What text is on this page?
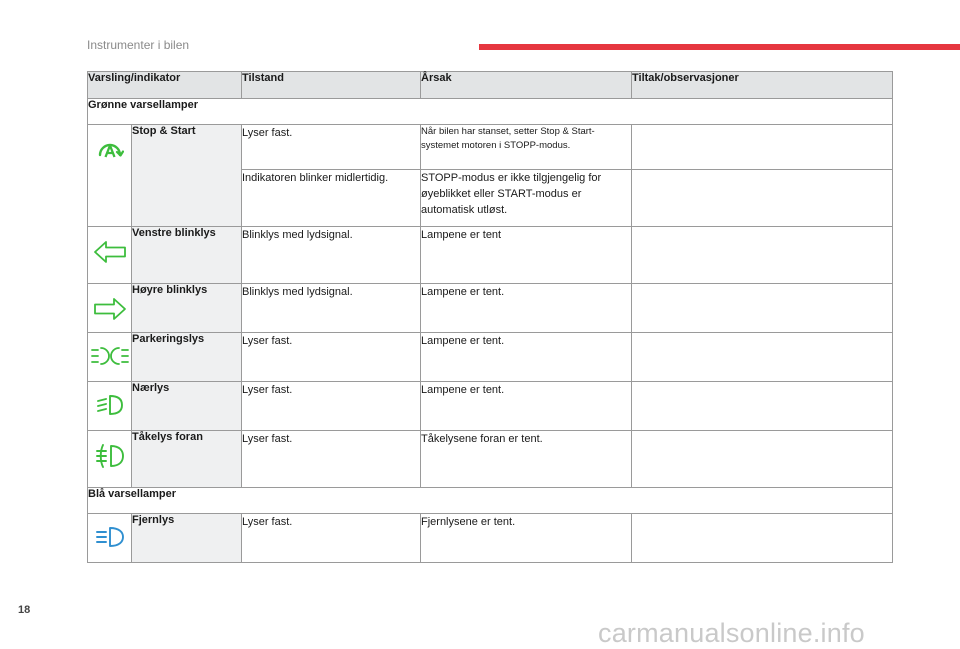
Instrumenter i bilen
Varsling/indikator		Tilstand	Årsak	Tiltak/observasjoner
Grønne varsellamper				

	Stop & Start	Lyser fast.	Når bilen har stanset, setter Stop & Start-systemet motoren i STOPP-modus.	
		Indikatoren blinker midlertidig.	STOPP-modus er ikke tilgjengelig for øyeblikket eller START-modus er automatisk utløst.	

	Venstre blinklys	Blinklys med lydsignal.	Lampene er tent	

	Høyre blinklys	Blinklys med lydsignal.	Lampene er tent.	

	Parkeringslys	Lyser fast.	Lampene er tent.	

	Nærlys	Lyser fast.	Lampene er tent.	

	Tåkelys foran	Lyser fast.	Tåkelysene foran er tent.	
Blå varsellamper				

	Fjernlys	Lyser fast.	Fjernlysene er tent.	
18
carmanualsonline.info
